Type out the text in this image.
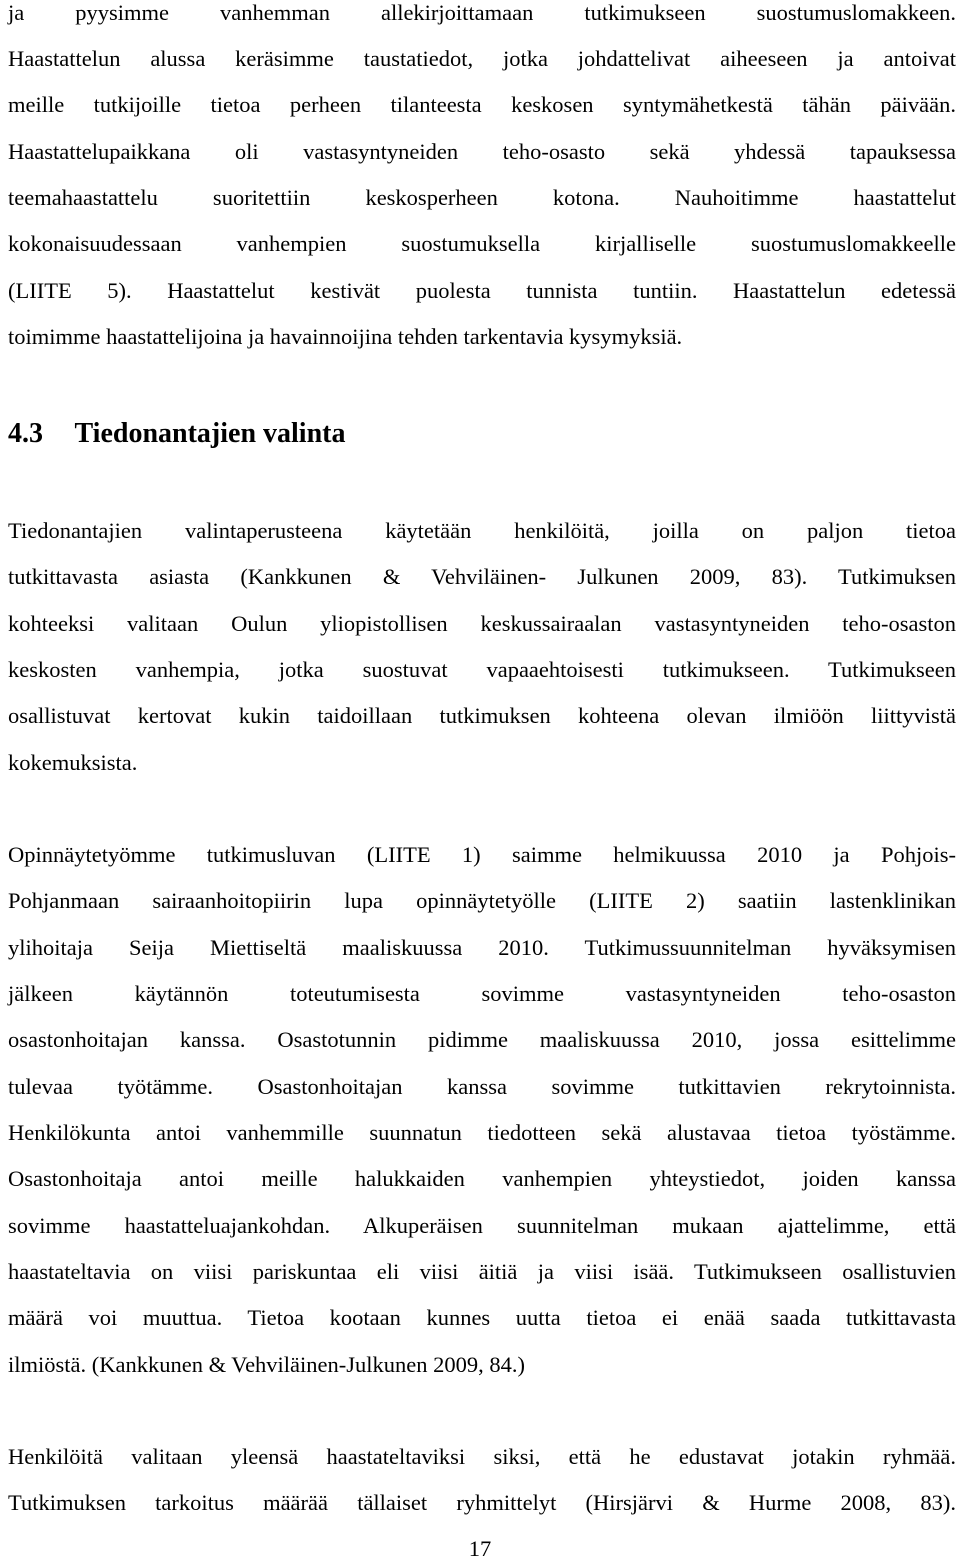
ja pyysimme vanhemman allekirjoittamaan tutkimukseen suostumuslomakkeen.
Haastattelun alussa keräsimme taustatiedot, jotka johdattelivat aiheeseen ja antoivat
meille tutkijoille tietoa perheen tilanteesta keskosen syntymähetkestä tähän päivään.
Haastattelupaikkana oli vastasyntyneiden teho-osasto sekä yhdessä tapauksessa
teemahaastattelu suoritettiin keskosperheen kotona. Nauhoitimme haastattelut
kokonaisuudessaan vanhempien suostumuksella kirjalliselle suostumuslomakkeelle
(LIITE 5). Haastattelut kestivät puolesta tunnista tuntiin. Haastattelun edetessä
toimimme haastattelijoina ja havainnoijina tehden tarkentavia kysymyksiä.
4.3 Tiedonantajien valinta
Tiedonantajien valintaperusteena käytetään henkilöitä, joilla on paljon tietoa
tutkittavasta asiasta (Kankkunen & Vehviläinen- Julkunen 2009, 83). Tutkimuksen
kohteeksi valitaan Oulun yliopistollisen keskussairaalan vastasyntyneiden teho-osaston
keskosten vanhempia, jotka suostuvat vapaaehtoisesti tutkimukseen. Tutkimukseen
osallistuvat kertovat kukin taidoillaan tutkimuksen kohteena olevan ilmiöön liittyvistä
kokemuksista.
Opinnäytetyömme tutkimusluvan (LIITE 1) saimme helmikuussa 2010 ja Pohjois-
Pohjanmaan sairaanhoitopiirin lupa opinnäytetyölle (LIITE 2) saatiin lastenklinikan
ylihoitaja Seija Miettiseltä maaliskuussa 2010. Tutkimussuunnitelman hyväksymisen
jälkeen käytännön toteutumisesta sovimme vastasyntyneiden teho-osaston
osastonhoitajan kanssa. Osastotunnin pidimme maaliskuussa 2010, jossa esittelimme
tulevaa työtämme. Osastonhoitajan kanssa sovimme tutkittavien rekrytoinnista.
Henkilökunta antoi vanhemmille suunnatun tiedotteen sekä alustavaa tietoa työstämme.
Osastonhoitaja antoi meille halukkaiden vanhempien yhteystiedot, joiden kanssa
sovimme haastatteluajankohdan. Alkuperäisen suunnitelman mukaan ajattelimme, että
haastateltavia on viisi pariskuntaa eli viisi äitiä ja viisi isää. Tutkimukseen osallistuvien
määrä voi muuttua. Tietoa kootaan kunnes uutta tietoa ei enää saada tutkittavasta
ilmiöstä. (Kankkunen & Vehviläinen-Julkunen 2009, 84.)
Henkilöitä valitaan yleensä haastateltaviksi siksi, että he edustavat jotakin ryhmää.
Tutkimuksen tarkoitus määrää tällaiset ryhmittelyt (Hirsjärvi & Hurme 2008, 83).
17
